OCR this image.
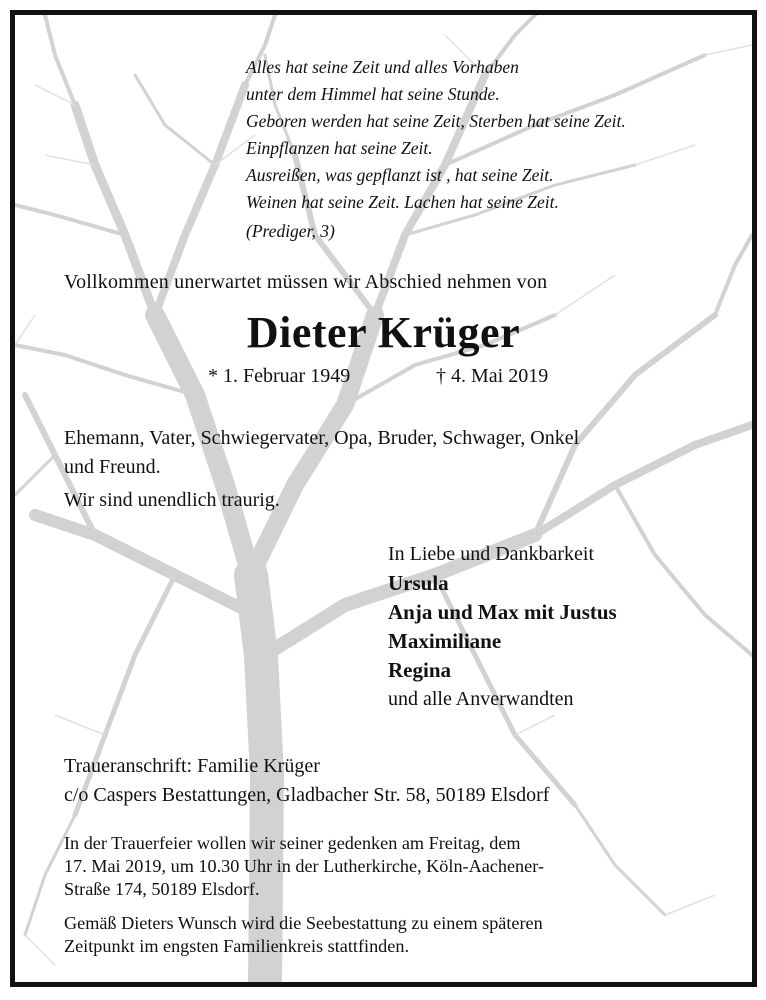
Alles hat seine Zeit und alles Vorhaben
unter dem Himmel hat seine Stunde.
Geboren werden hat seine Zeit, Sterben hat seine Zeit.
Einpflanzen hat seine Zeit.
Ausreißen, was gepflanzt ist , hat seine Zeit.
Weinen hat seine Zeit. Lachen hat seine Zeit.
(Prediger, 3)
Vollkommen unerwartet müssen wir Abschied nehmen von
Dieter Krüger
* 1. Februar 1949	† 4. Mai 2019
Ehemann, Vater, Schwiegervater, Opa, Bruder, Schwager, Onkel
und Freund.
Wir sind unendlich traurig.
In Liebe und Dankbarkeit
Ursula
Anja und Max mit Justus
Maximiliane
Regina
und alle Anverwandten
Traueranschrift: Familie Krüger
c/o Caspers Bestattungen, Gladbacher Str. 58, 50189 Elsdorf
In der Trauerfeier wollen wir seiner gedenken am Freitag, dem
17. Mai 2019, um 10.30 Uhr in der Lutherkirche, Köln-Aachener-
Straße 174, 50189 Elsdorf.
Gemäß Dieters Wunsch wird die Seebestattung zu einem späteren
Zeitpunkt im engsten Familienkreis stattfinden.
